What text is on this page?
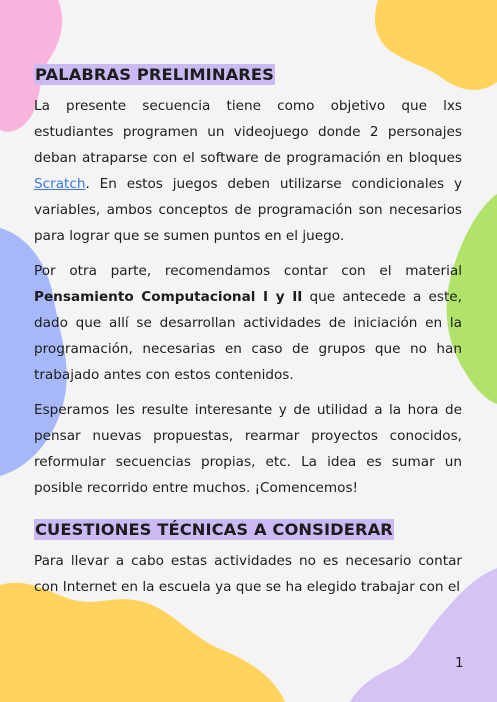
PALABRAS PRELIMINARES

La presente secuencia tiene como objetivo que lxs estudiantes programen un videojuego donde 2 personajes deban atraparse con el software de programación en bloques Scratch. En estos juegos deben utilizarse condicionales y variables, ambos conceptos de programación son necesarios para lograr que se sumen puntos en el juego.

Por otra parte, recomendamos contar con el material Pensamiento Computacional I y II que antecede a este, dado que allí se desarrollan actividades de iniciación en la programación, necesarias en caso de grupos que no han trabajado antes con estos contenidos.

Esperamos les resulte interesante y de utilidad a la hora de pensar nuevas propuestas, rearmar proyectos conocidos, reformular secuencias propias, etc. La idea es sumar un posible recorrido entre muchos. ¡Comencemos!

CUESTIONES TÉCNICAS A CONSIDERAR

Para llevar a cabo estas actividades no es necesario contar con Internet en la escuela ya que se ha elegido trabajar con el

1
